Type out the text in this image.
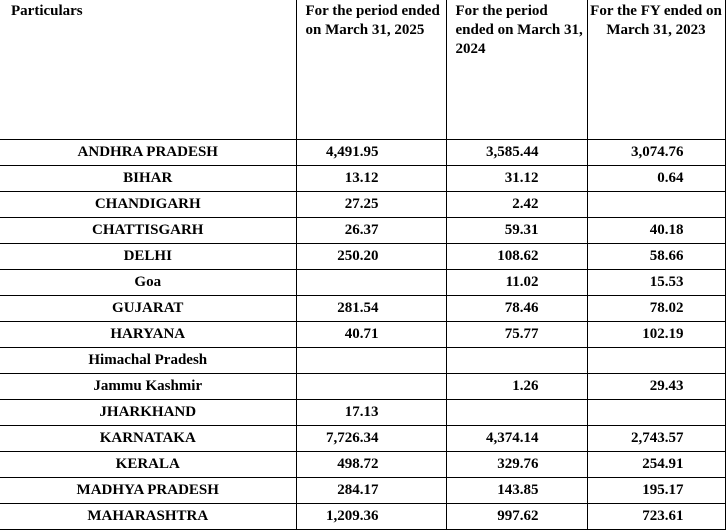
Particulars	For the period ended on March 31, 2025	For the period ended on March 31, 2024	For the FY ended on March 31, 2023
ANDHRA PRADESH	4,491.95	3,585.44	3,074.76
BIHAR	13.12	31.12	0.64
CHANDIGARH	27.25	2.42	
CHATTISGARH	26.37	59.31	40.18
DELHI	250.20	108.62	58.66
Goa		11.02	15.53
GUJARAT	281.54	78.46	78.02
HARYANA	40.71	75.77	102.19
Himachal Pradesh			
Jammu Kashmir		1.26	29.43
JHARKHAND	17.13		
KARNATAKA	7,726.34	4,374.14	2,743.57
KERALA	498.72	329.76	254.91
MADHYA PRADESH	284.17	143.85	195.17
MAHARASHTRA	1,209.36	997.62	723.61
